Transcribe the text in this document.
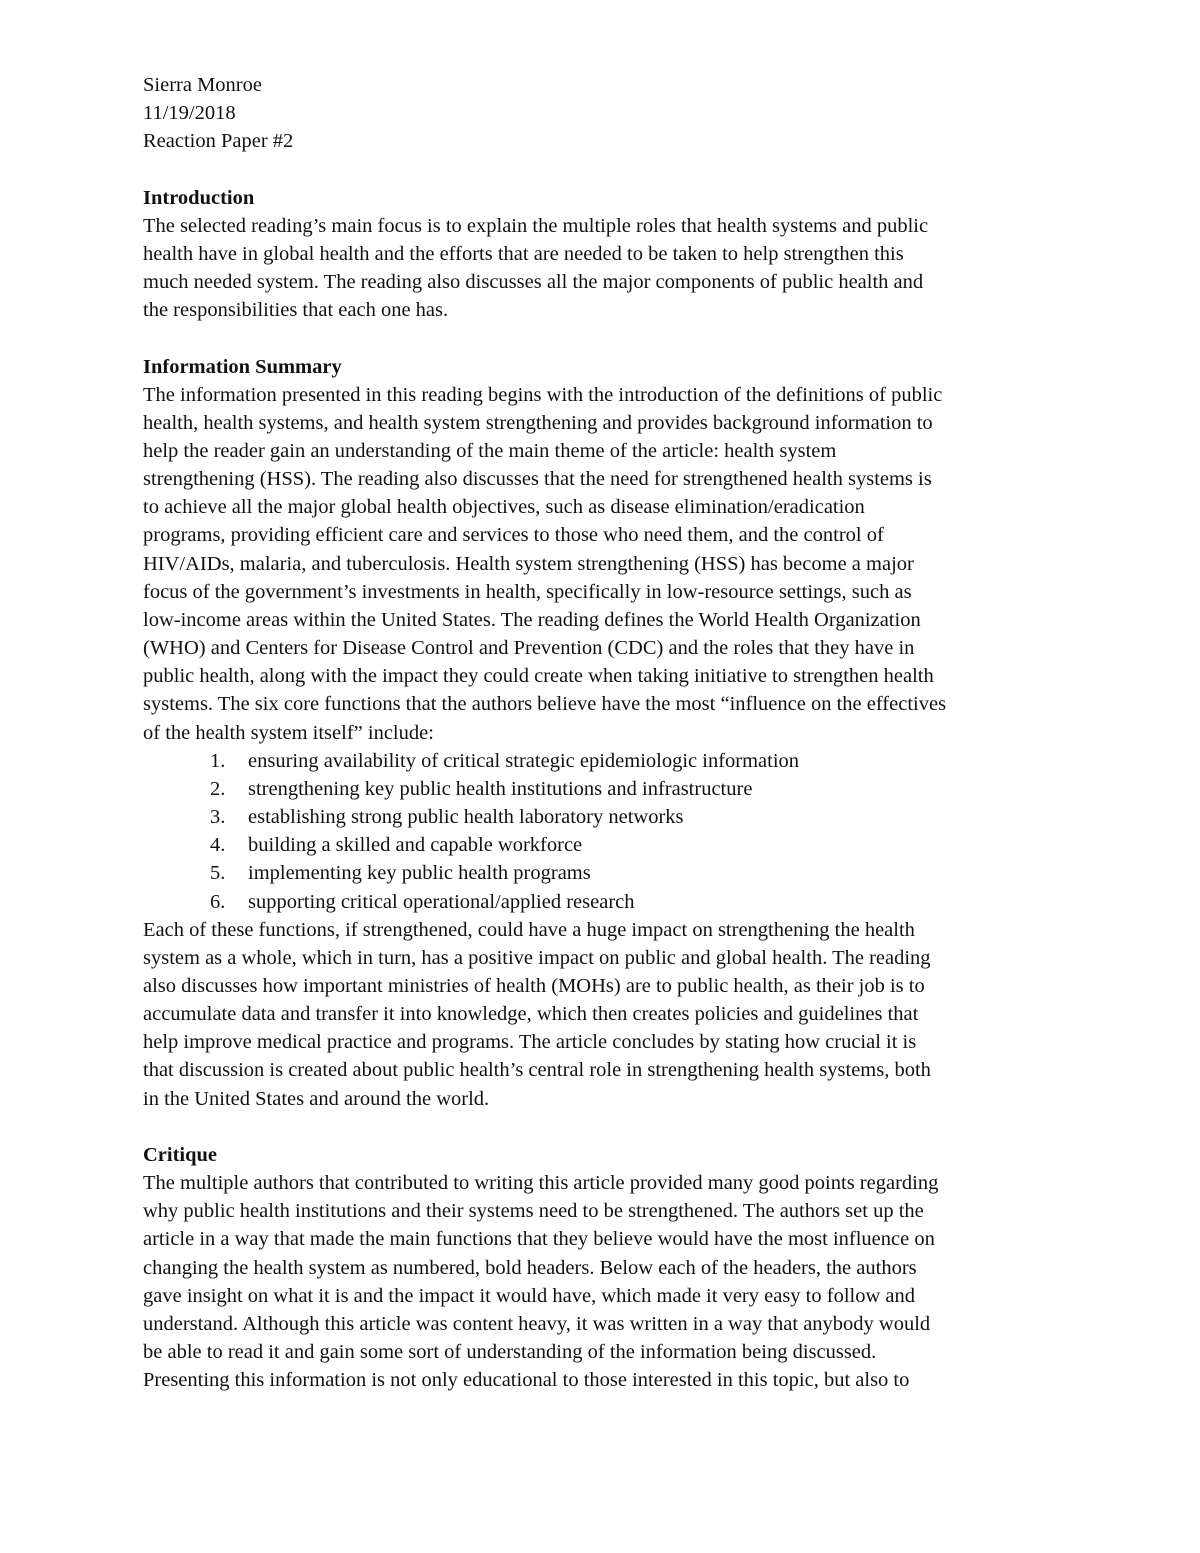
Sierra Monroe
11/19/2018
Reaction Paper #2
Introduction
The selected reading’s main focus is to explain the multiple roles that health systems and public
health have in global health and the efforts that are needed to be taken to help strengthen this
much needed system. The reading also discusses all the major components of public health and
the responsibilities that each one has.
Information Summary
The information presented in this reading begins with the introduction of the definitions of public
health, health systems, and health system strengthening and provides background information to
help the reader gain an understanding of the main theme of the article: health system
strengthening (HSS). The reading also discusses that the need for strengthened health systems is
to achieve all the major global health objectives, such as disease elimination/eradication
programs, providing efficient care and services to those who need them, and the control of
HIV/AIDs, malaria, and tuberculosis. Health system strengthening (HSS) has become a major
focus of the government’s investments in health, specifically in low-resource settings, such as
low-income areas within the United States. The reading defines the World Health Organization
(WHO) and Centers for Disease Control and Prevention (CDC) and the roles that they have in
public health, along with the impact they could create when taking initiative to strengthen health
systems. The six core functions that the authors believe have the most “influence on the effectives
of the health system itself” include:
1. ensuring availability of critical strategic epidemiologic information
2. strengthening key public health institutions and infrastructure
3. establishing strong public health laboratory networks
4. building a skilled and capable workforce
5. implementing key public health programs
6. supporting critical operational/applied research
Each of these functions, if strengthened, could have a huge impact on strengthening the health
system as a whole, which in turn, has a positive impact on public and global health. The reading
also discusses how important ministries of health (MOHs) are to public health, as their job is to
accumulate data and transfer it into knowledge, which then creates policies and guidelines that
help improve medical practice and programs. The article concludes by stating how crucial it is
that discussion is created about public health’s central role in strengthening health systems, both
in the United States and around the world.
Critique
The multiple authors that contributed to writing this article provided many good points regarding
why public health institutions and their systems need to be strengthened. The authors set up the
article in a way that made the main functions that they believe would have the most influence on
changing the health system as numbered, bold headers. Below each of the headers, the authors
gave insight on what it is and the impact it would have, which made it very easy to follow and
understand. Although this article was content heavy, it was written in a way that anybody would
be able to read it and gain some sort of understanding of the information being discussed.
Presenting this information is not only educational to those interested in this topic, but also to
